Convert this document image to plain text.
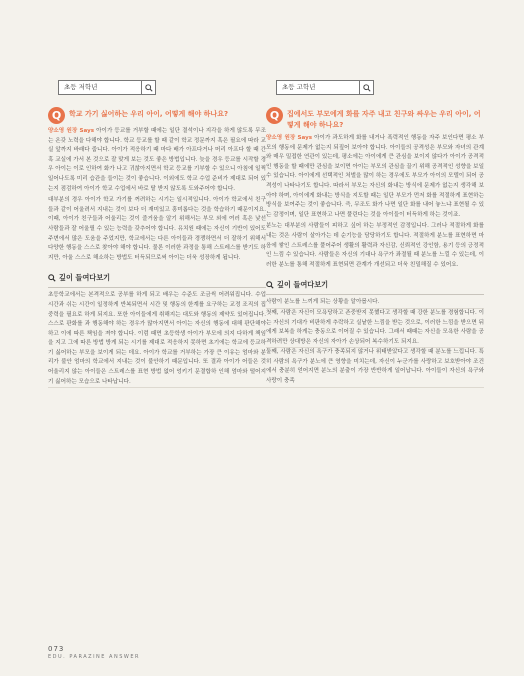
초등 저학년
Q	학교 가기 싫어하는 우리 아이, 어떻게 해야 하나요?

양소영 원장 Says 아이가 등교를 거부할 때에는 일단 결석이나 지각을 하게 않도록 무조는 온갖 노력을 다해야 합니다. 학교 등교를 할 때 같이 학교 정문까지 혹은 필요에 따라 교실 앞까지 바래다 줍니다. 아이가 적응하기 때 마다 배가 아프다거나 머리 아프다 할 때 간혹 교실에 가서 본 것으로 잘 맞게 보는 것도 좋은 방법입니다. 늦을 경우 등교를 시작할 경우 아이는 이로 인하여 화가 나고 귀찮아지면서 학교 등교를 기부할 수 있으니 아침에 일찍 일어나도록 미리 습관을 들이는 것이 좋습니다. 이외에도 학교 수업 준비가 제대로 되어 있는지 점검하여 아이가 학교 수업에서 바로 탈 받지 않도록 도와주어야 합니다.

대부분의 경우 아이가 학교 가기를 꺼려하는 시기는 일시적입니다. 아이가 학교에서 친구들과 같이 어울려서 지내는 것이 보다 더 재미있고 흥미롭다는 것을 학습하기 때문이지요. 이때, 아이가 친구들과 어울리는 것이 즐거움을 알기 위해서는 부모 외에 여러 혹은 낯선 사람들과 잘 어울릴 수 있는 능력을 갖추어야 합니다. 유치원 때에는 자신이 기반이 있어도 주변에서 많은 도움을 주었지만, 학교에서는 다른 아이들과 경쟁하면서 더 잘하기 위해서 다양한 행동을 스스로 찾아야 해야 합니다. 물론 이러한 과정을 통해 스트레스를 받기도 하지만, 아울 스스로 해소하는 방법도 터득되므로써 아이는 더욱 성장하게 됩니다.

깊이 들여다보기

초등학교에서는 본격적으로 공부를 하게 되고 배우는 수준도 조금씩 어려워집니다. 수업 시간과 쉬는 시간이 일정하게 반복되면서 시간 및 행동의 한계를 요구하는 교정 조직의 집중력을 필요로 하게 되지요. 또한 아이들에게 취해지는 대도와 행동의 제약도 있어집니다. 스스로 판화를 과 행동해야 하는 경우가 많아지면서 아이는 자신의 행동에 대해 판단해야 하고 이에 따른 책임을 져야 합니다. 이럼 때면 초등학생 아이가 부모에 의지 다하게 책임을 지고 그에 따른 방법 방게 되는 시기를 제대로 적응하지 못하면 초기에는 학교에 등교하기 싫어하는 부모을 보이게 되는 데요. 아이가 학교를 거부하는 가장 큰 이유는 엄마와 분리가 불안 엄마의 학교에서 지내는 것이 불안하기 때문입니다. 또 결과 아이가 어들은 것 어울리지 않는 아이들은 스트레스를 표현 방법 없어 엉키기 문결합하 인해 엄마와 떨어지기 싫어하는 모습으로 나타납니다.

초등 고학년
Q	집에서도 부모에게 화를 자주 내고 친구와 싸우는 우리 아이, 어떻게 해야 하나요?

양소영 원장 Says 아이가 과도하게 화를 내거나 폭력적인 행동을 자주 보인다면 평소 부모의 행동에 문제가 없는지 되짚어 보아야 합니다. 아이들의 공격성은 부모와 자녀의 관계와 매우 밀접한 연관이 있는데, 평소에는 아이에게 큰 관심을 보이지 않다가 아이가 공격적인 행동을 할 때에만 관심을 보이면 아이는 부모의 관심을 끌기 위해 공격적인 성향을 보일 수 있습니다. 아이에게 선택적인 처벌을 많이 하는 경우에도 부모가 아이의 모델이 되어 공격성이 나타나기도 합니다. 따라서 부모는 자신의 화내는 방식에 문제가 없는지 생각해 보아야 하며, 아이에게 화내는 방식을 지도할 때는 일단 부모가 먼저 화를 적절하게 표현하는 방식을 보여주는 것이 좋습니다. 즉, 무조도 화가 나면 일단 화를 내어 놓느냐 표현될 수 있는 감정이며, 일단 표현하고 나면 풀린다는 것을 아이들이 터득하게 하는 것이죠.

분노는 대부분의 사람들이 피하고 싶어 하는 부정적인 감정입니다. 그러나 적절하게 화를 내는 것은 사람이 살아가는 데 순기능을 담당하기도 합니다. 적절하게 분노를 표현하면 마음에 쌓인 스트레스를 풀어주어 생활의 활력과 자신감, 신뢰적인 강인함, 용기 등의 긍정적인 느낌 수 있습니다. 사람들은 자신의 기대나 욕구가 좌절될 때 분노를 느낄 수 있는데, 이러한 분노를 통해 적절하게 표현되면 관계가 개선되고 더욱 친밀해질 수 있어요.

깊이 들여다보기

사람이 분노를 느끼게 되는 상황을 알아봅시다.

첫째, 사람은 자신이 모욕당하고 존중받지 못했다고 생각할 때 강한 분노를 경험합니다. 이는 자신의 기대가 비판하게 추락하고 실낱한 느낌을 받는 것으로, 이러한 느낌을 받으면 뒤에게 보복을 하게는 충동으로 이어질 수 있습니다. 그래서 때때는 자신을 모욕한 사람을 공격하려만 상대방은 자신의 자아가 손상되어 복수하기도 되지요.

둘째, 사람은 자신의 욕구가 충족되지 않거나 위태받았다고 생각할 때 분노를 느낍니다. 특히 사람의 욕구가 분노에 큰 영향을 미치는데, 자신이 누군가를 사랑하고 보호받아야 조건에서 충분히 얻어지면 분노의 분출이 가장 반반하게 일어납니다. 아이들이 자신의 욕구와 사랑이 충족

073
EDU. PARAZINE ANSWER
